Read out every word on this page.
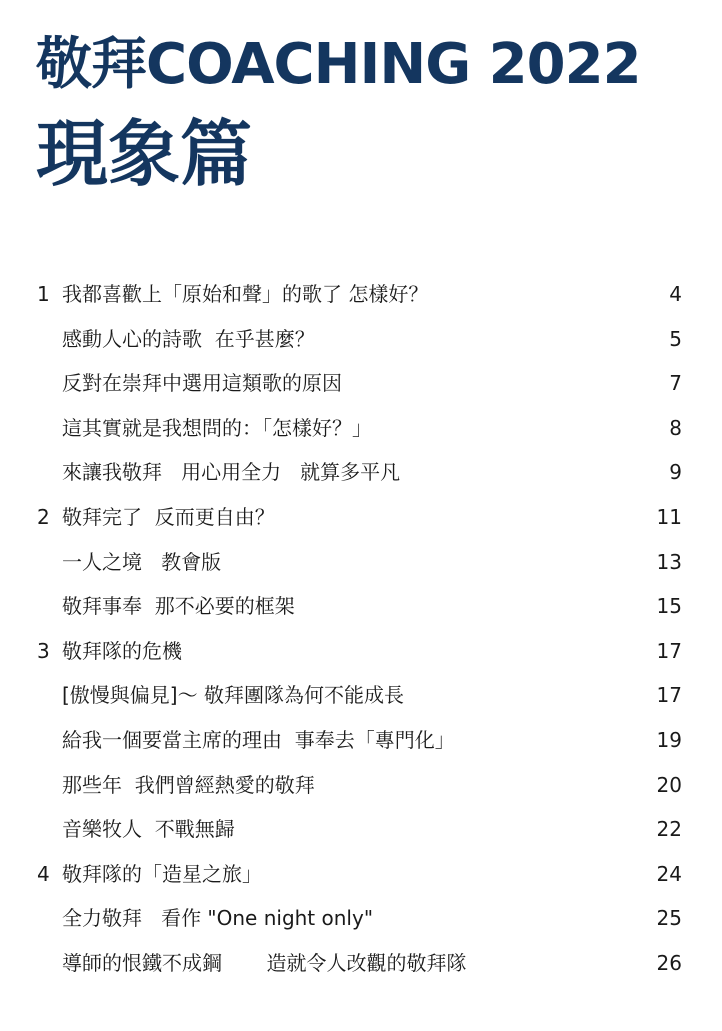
敬拜COACHING 2022
現象篇
1 我都喜歡上「原始和聲」的歌了 怎樣好？	4
感動人心的詩歌  在乎甚麼？	5
反對在崇拜中選用這類歌的原因	7
這其實就是我想問的：「怎樣好？」	8
來讓我敬拜   用心用全力   就算多平凡	9
2 敬拜完了  反而更自由？	11
一人之境   教會版	13
敬拜事奉  那不必要的框架	15
3 敬拜隊的危機	17
[傲慢與偏見]～ 敬拜團隊為何不能成長	17
給我一個要當主席的理由  事奉去「專門化」	19
那些年  我們曾經熱愛的敬拜	20
音樂牧人  不戰無歸	22
4 敬拜隊的「造星之旅」	24
全力敬拜   看作 "One night only"	25
導師的恨鐵不成鋼       造就令人改觀的敬拜隊	26
